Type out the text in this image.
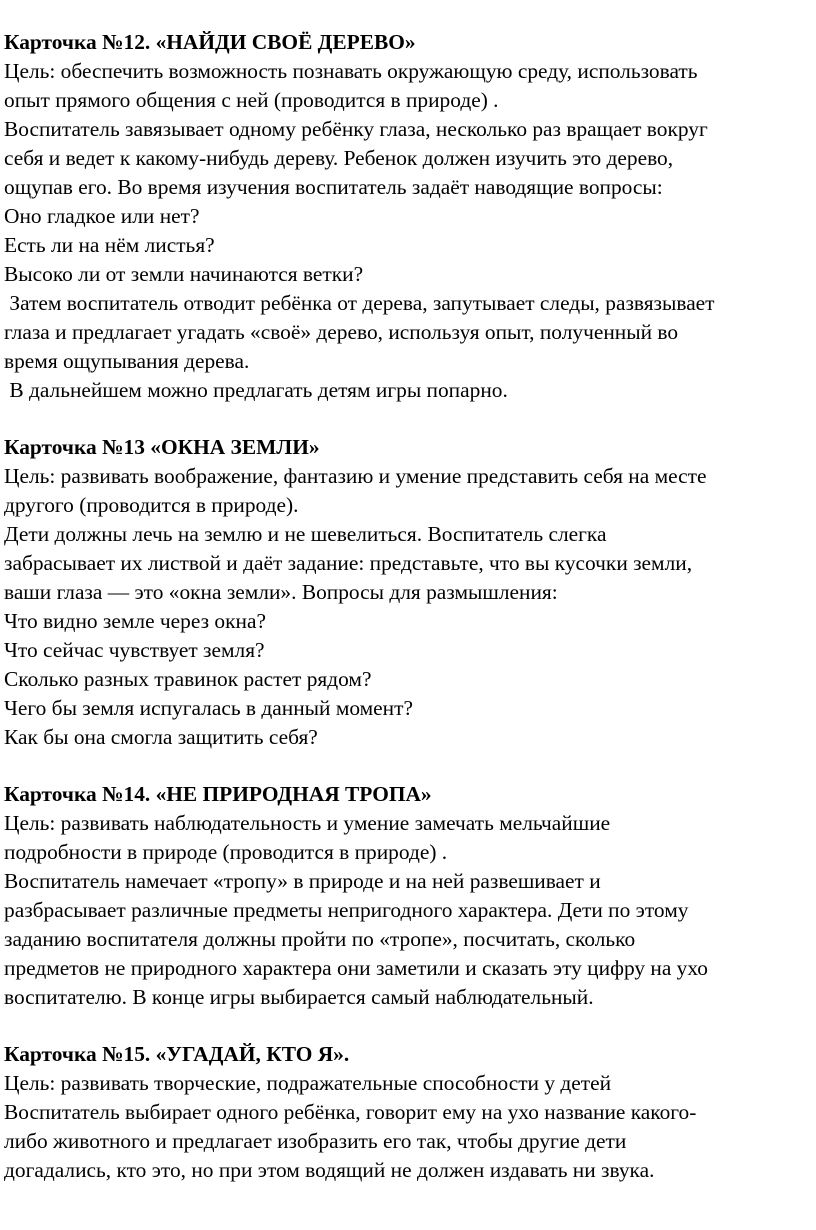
Карточка №12. «НАЙДИ СВОЁ ДЕРЕВО»
Цель: обеспечить возможность познавать окружающую среду, использовать
опыт прямого общения с ней (проводится в природе) .
Воспитатель завязывает одному ребёнку глаза, несколько раз вращает вокруг
себя и ведет к какому-нибудь дереву. Ребенок должен изучить это дерево,
ощупав его. Во время изучения воспитатель задаёт наводящие вопросы:
Оно гладкое или нет?
Есть ли на нём листья?
Высоко ли от земли начинаются ветки?
Затем воспитатель отводит ребёнка от дерева, запутывает следы, развязывает
глаза и предлагает угадать «своё» дерево, используя опыт, полученный во
время ощупывания дерева.
В дальнейшем можно предлагать детям игры попарно.
Карточка №13 «ОКНА ЗЕМЛИ»
Цель: развивать воображение, фантазию и умение представить себя на месте
другого (проводится в природе).
Дети должны лечь на землю и не шевелиться. Воспитатель слегка
забрасывает их листвой и даёт задание: представьте, что вы кусочки земли,
ваши глаза — это «окна земли». Вопросы для размышления:
Что видно земле через окна?
Что сейчас чувствует земля?
Сколько разных травинок растет рядом?
Чего бы земля испугалась в данный момент?
Как бы она смогла защитить себя?
Карточка №14. «НЕ ПРИРОДНАЯ ТРОПА»
Цель: развивать наблюдательность и умение замечать мельчайшие
подробности в природе (проводится в природе) .
Воспитатель намечает «тропу» в природе и на ней развешивает и
разбрасывает различные предметы непригодного характера. Дети по этому
заданию воспитателя должны пройти по «тропе», посчитать, сколько
предметов не природного характера они заметили и сказать эту цифру на ухо
воспитателю. В конце игры выбирается самый наблюдательный.
Карточка №15. «УГАДАЙ, КТО Я».
Цель: развивать творческие, подражательные способности у детей
Воспитатель выбирает одного ребёнка, говорит ему на ухо название какого-
либо животного и предлагает изобразить его так, чтобы другие дети
догадались, кто это, но при этом водящий не должен издавать ни звука.
